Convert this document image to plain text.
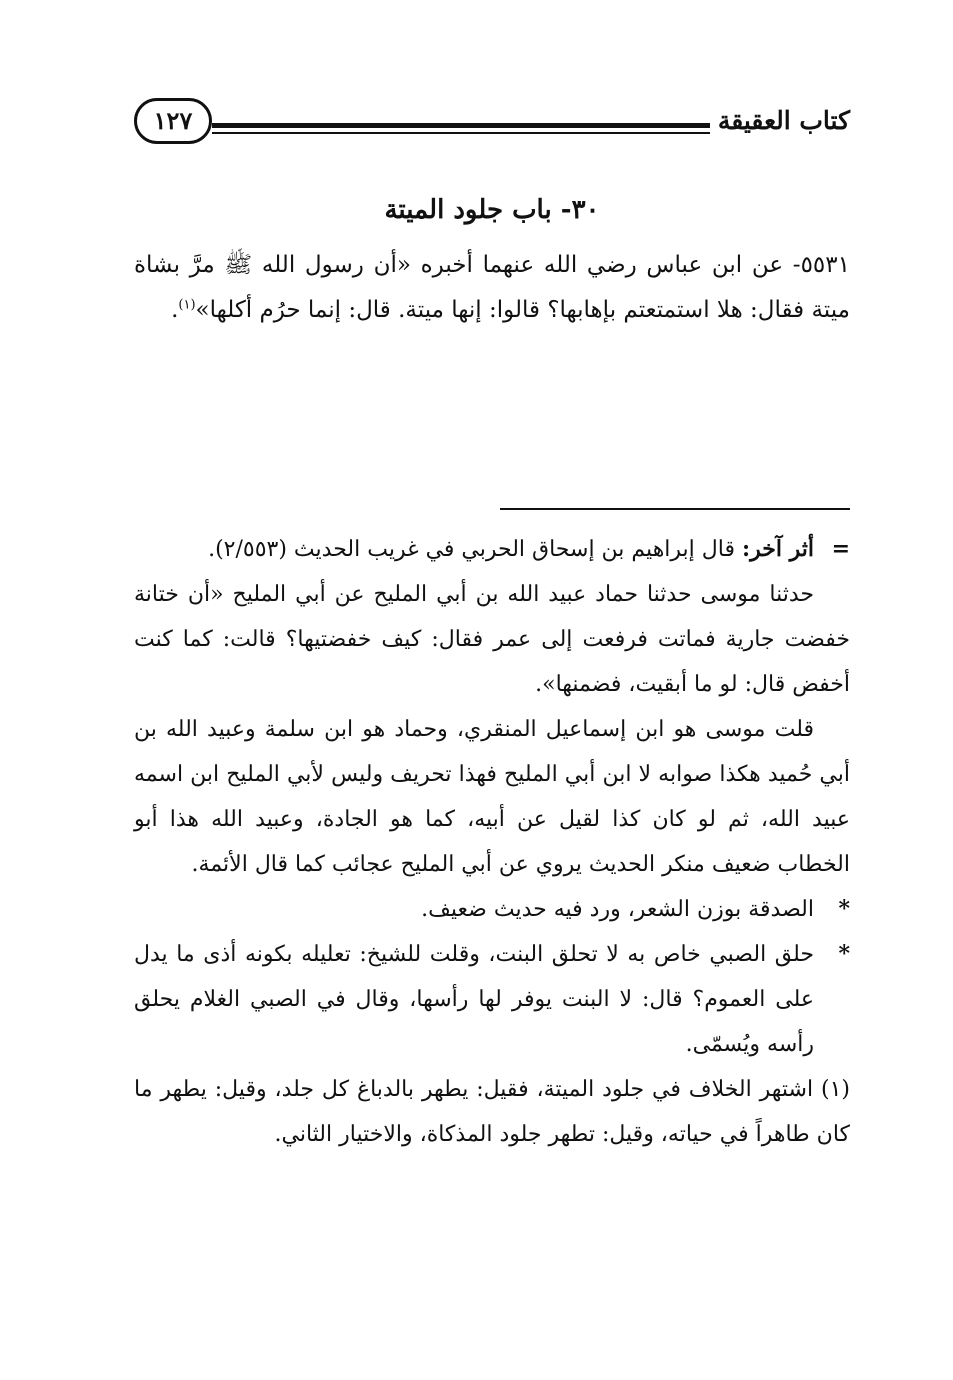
كتاب العقيقة
١٢٧
٣٠- باب جلود الميتة

٥٥٣١- عن ابن عباس رضي الله عنهما أخبره «أن رسول الله ﷺ مرَّ بشاة ميتة فقال: هلا استمتعتم بإهابها؟ قالوا: إنها ميتة. قال: إنما حرُم أكلها»$^{(١)}$.

=أثر آخر: قال إبراهيم بن إسحاق الحربي في غريب الحديث (٢/٥٥٣).

حدثنا موسى حدثنا حماد عبيد الله بن أبي المليح عن أبي المليح «أن ختانة خفضت جارية فماتت فرفعت إلى عمر فقال: كيف خفضتيها؟ قالت: كما كنت أخفض قال: لو ما أبقيت، فضمنها».

قلت موسى هو ابن إسماعيل المنقري، وحماد هو ابن سلمة وعبيد الله بن أبي حُميد هكذا صوابه لا ابن أبي المليح فهذا تحريف وليس لأبي المليح ابن اسمه عبيد الله، ثم لو كان كذا لقيل عن أبيه، كما هو الجادة، وعبيد الله هذا أبو الخطاب ضعيف منكر الحديث يروي عن أبي المليح عجائب كما قال الأئمة.

*
الصدقة بوزن الشعر، ورد فيه حديث ضعيف.
*
حلق الصبي خاص به لا تحلق البنت، وقلت للشيخ: تعليله بكونه أذى ما يدل على العموم؟ قال: لا البنت يوفر لها رأسها، وقال في الصبي الغلام يحلق رأسه ويُسمّى.

(١) اشتهر الخلاف في جلود الميتة، فقيل: يطهر بالدباغ كل جلد، وقيل: يطهر ما كان طاهراً في حياته، وقيل: تطهر جلود المذكاة، والاختيار الثاني.
